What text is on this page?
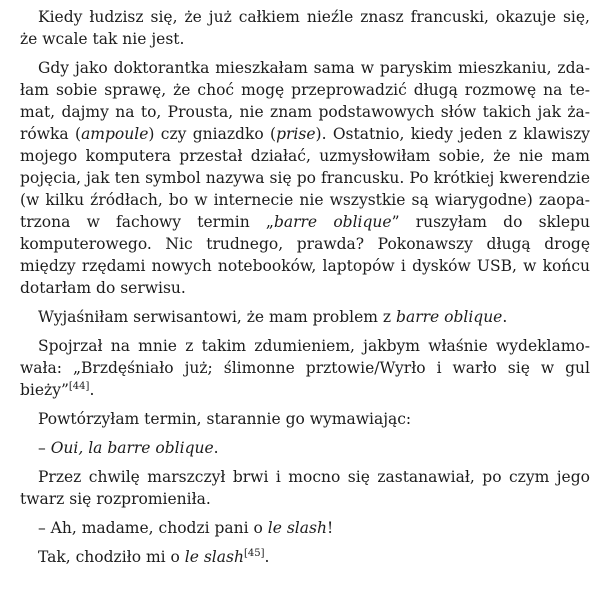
Kiedy łudzisz się, że już całkiem nieźle znasz francuski, okazuje się, że wcale tak nie jest.

Gdy jako doktorantka mieszkałam sama w paryskim mieszkaniu, zdałam sobie sprawę, że choć mogę przeprowadzić długą rozmowę na temat, dajmy na to, Prousta, nie znam podstawowych słów takich jak żarówka (ampoule) czy gniazdko (prise). Ostatnio, kiedy jeden z klawiszy mojego komputera przestał działać, uzmysłowiłam sobie, że nie mam pojęcia, jak ten symbol nazywa się po francusku. Po krótkiej kwerendzie (w kilku źródłach, bo w internecie nie wszystkie są wiarygodne) zaopatrzona w fachowy termin „barre oblique” ruszyłam do sklepu komputerowego. Nic trudnego, prawda? Pokonawszy długą drogę między rzędami nowych notebooków, laptopów i dysków USB, w końcu dotarłam do serwisu.

Wyjaśniłam serwisantowi, że mam problem z barre oblique.

Spojrzał na mnie z takim zdumieniem, jakbym właśnie wydeklamowała: „Brzdęśniało już; ślimonne prztowie/Wyrło i warło się w gul bieży”[44].

Powtórzyłam termin, starannie go wymawiając:

– Oui, la barre oblique.

Przez chwilę marszczył brwi i mocno się zastanawiał, po czym jego twarz się rozpromieniła.

– Ah, madame, chodzi pani o le slash!

Tak, chodziło mi o le slash[45].
